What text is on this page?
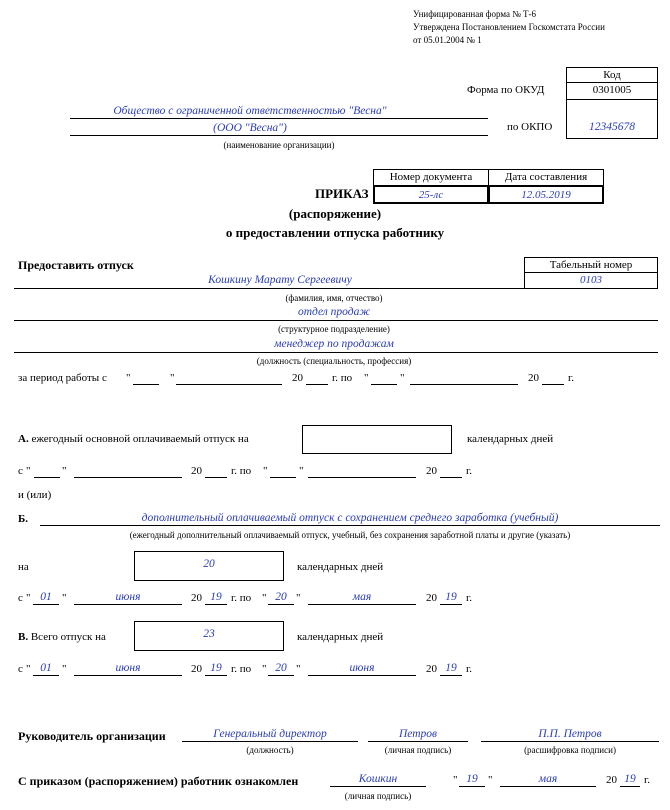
Унифицированная форма № Т-6
Утверждена Постановлением Госкомстата России
от 05.01.2004 № 1
Код
Форма по ОКУД	0301005
по ОКПО	12345678
Общество с ограниченной ответственностью "Весна"
(ООО "Весна")
(наименование организации)
Номер документа	Дата составления
25-лс	12.05.2019
ПРИКАЗ
(распоряжение)
о предоставлении отпуска работнику
Предоставить отпуск	Табельный номер
0103
Кошкину Марату Сергеевичу
(фамилия, имя, отчество)
отдел продаж
(структурное подразделение)
менеджер по продажам
(должность (специальность, профессия)
за период работы с "	"	20	г. по "	"	20	г.
А. ежегодный основной оплачиваемый отпуск на	календарных дней
с "	"	20	г. по "	"	20	г.
и (или)
Б.	дополнительный оплачиваемый отпуск с сохранением среднего заработка (учебный)
(ежегодный дополнительный оплачиваемый отпуск, учебный, без сохранения заработной платы и другие (указать)
на	20	календарных дней
с " 01 "	июня	20 19 г. по " 20 "	мая	20 19 г.
В. Всего отпуск на	23	календарных дней
с " 01 "	июня	20 19 г. по " 20 "	июня	20 19 г.
Руководитель организации	Генеральный директор
(должность)
Петров
(личная подпись)
П.П. Петров
(расшифровка подписи)
С приказом (распоряжением) работник ознакомлен	Кошкин
(личная подпись)
" 19 "	мая	20 19 г.
